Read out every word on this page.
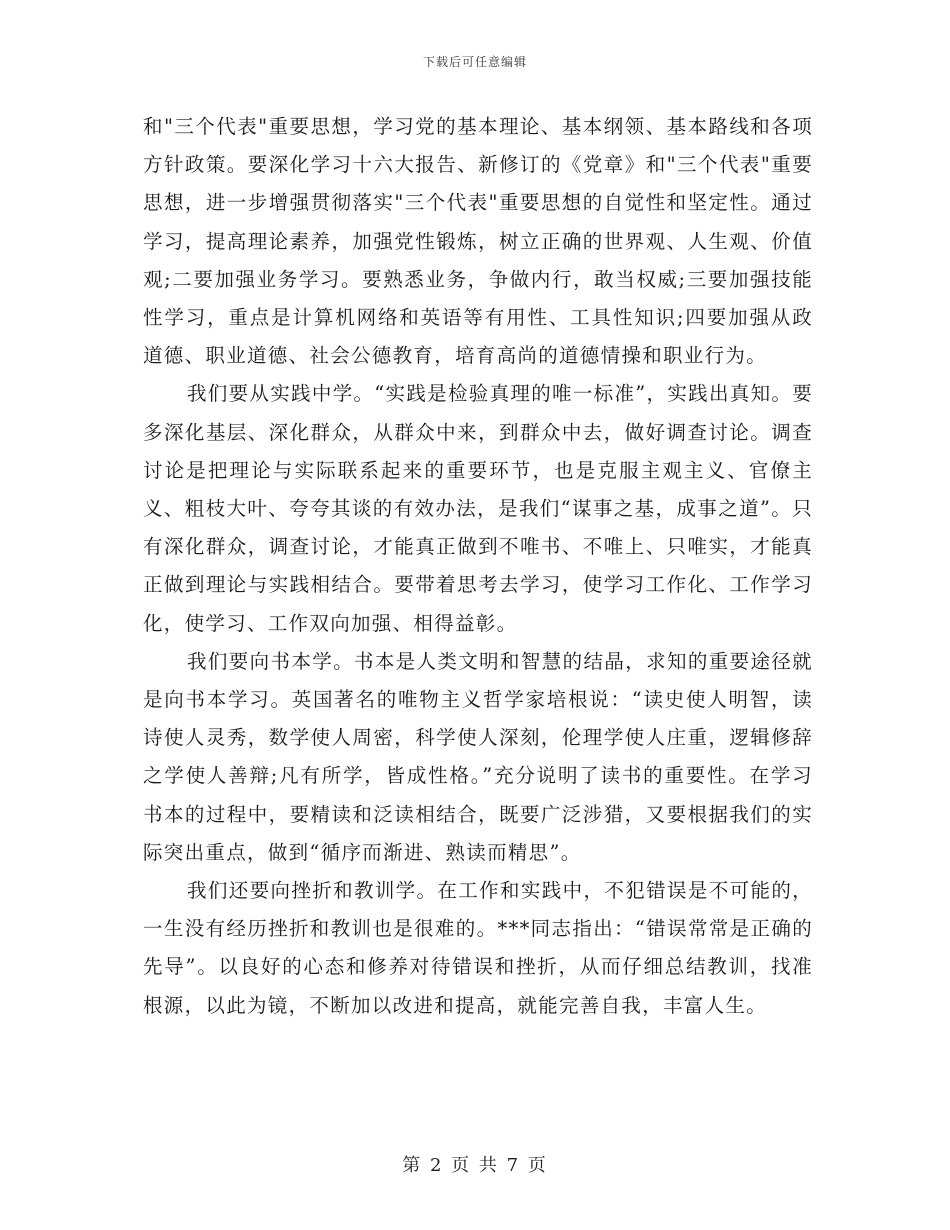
下载后可任意编辑

和"三个代表"重要思想，学习党的基本理论、基本纲领、基本路线和各项方针政策。要深化学习十六大报告、新修订的《党章》和"三个代表"重要思想，进一步增强贯彻落实"三个代表"重要思想的自觉性和坚定性。通过学习，提高理论素养，加强党性锻炼，树立正确的世界观、人生观、价值观;二要加强业务学习。要熟悉业务，争做内行，敢当权威;三要加强技能性学习，重点是计算机网络和英语等有用性、工具性知识;四要加强从政道德、职业道德、社会公德教育，培育高尚的道德情操和职业行为。

我们要从实践中学。“实践是检验真理的唯一标准”，实践出真知。要多深化基层、深化群众，从群众中来，到群众中去，做好调查讨论。调查讨论是把理论与实际联系起来的重要环节，也是克服主观主义、官僚主义、粗枝大叶、夸夸其谈的有效办法，是我们“谋事之基，成事之道”。只有深化群众，调查讨论，才能真正做到不唯书、不唯上、只唯实，才能真正做到理论与实践相结合。要带着思考去学习，使学习工作化、工作学习化，使学习、工作双向加强、相得益彰。

我们要向书本学。书本是人类文明和智慧的结晶，求知的重要途径就是向书本学习。英国著名的唯物主义哲学家培根说：“读史使人明智，读诗使人灵秀，数学使人周密，科学使人深刻，伦理学使人庄重，逻辑修辞之学使人善辩;凡有所学，皆成性格。”充分说明了读书的重要性。在学习书本的过程中，要精读和泛读相结合，既要广泛涉猎，又要根据我们的实际突出重点，做到“循序而渐进、熟读而精思”。

我们还要向挫折和教训学。在工作和实践中，不犯错误是不可能的，一生没有经历挫折和教训也是很难的。***同志指出：“错误常常是正确的先导”。以良好的心态和修养对待错误和挫折，从而仔细总结教训，找准根源，以此为镜，不断加以改进和提高，就能完善自我，丰富人生。

第 2 页 共 7 页
